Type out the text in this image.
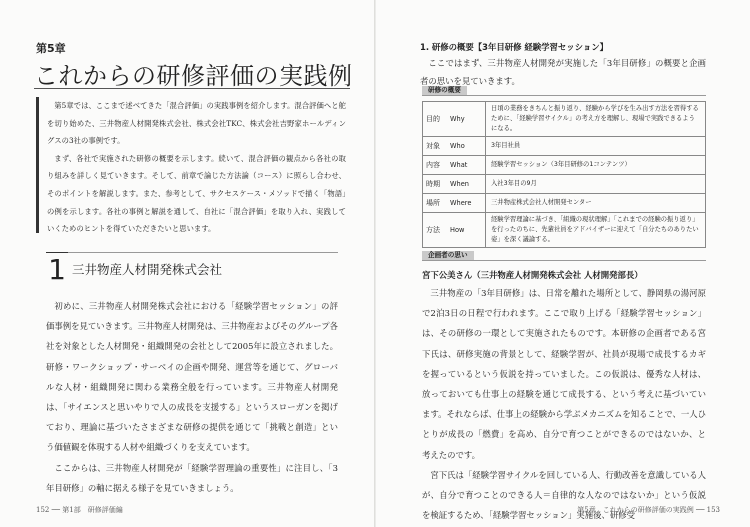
第5章
これからの研修評価の実践例

第5章では、ここまで述べてきた「混合評価」の実践事例を紹介します。混合評価へと舵を切り始めた、三井物産人材開発株式会社、株式会社TKC、株式会社吉野家ホールディングスの3社の事例です。

まず、各社で実施された研修の概要を示します。続いて、混合評価の観点から各社の取り組みを詳しく見ていきます。そして、前章で論じた方法論（コース）に照らし合わせ、そのポイントを解説します。また、参考として、サクセスケース・メソッドで描く「物語」の例を示します。各社の事例と解説を通して、自社に「混合評価」を取り入れ、実践していくためのヒントを得ていただきたいと思います。

1 三井物産人材開発株式会社

初めに、三井物産人材開発株式会社における「経験学習セッション」の評価事例を見ていきます。三井物産人材開発は、三井物産およびそのグループ各社を対象とした人材開発・組織開発の会社として2005年に設立されました。研修・ワークショップ・サーベイの企画や開発、運営等を通じて、グローバルな人材・組織開発に関わる業務全般を行っています。三井物産人材開発は、「サイエンスと思いやりで人の成長を支援する」というスローガンを掲げており、理論に基づいたさまざまな研修の提供を通じて「挑戦と創造」という価値観を体現する人材や組織づくりを支えています。

ここからは、三井物産人材開発が「経験学習理論の重要性」に注目し、「3年目研修」の軸に据える様子を見ていきましょう。

152 ── 第1部　研修評価編
1. 研修の概要【3年目研修 経験学習セッション】

ここではまず、三井物産人材開発が実施した「3年目研修」の概要と企画者の思いを見ていきます。

研修の概要
目的	Why	日頃の業務をきちんと振り返り、経験から学びを生み出す方法を習得するために、「経験学習サイクル」の考え方を理解し、現場で実践できるようになる。
対象	Who	3年目社員
内容	What	経験学習セッション（3年目研修の1コンテンツ）
時期	When	入社3年目の9月
場所	Where	三井物産株式会社人材開発センター
方法	How	経験学習理論に基づき、「組織の現状理解」「これまでの経験の振り返り」を行ったのちに、先輩社員をアドバイザーに迎えて「自分たちのありたい姿」を深く議論する。
企画者の思い
宮下公美さん（三井物産人材開発株式会社 人材開発部長）

三井物産の「3年目研修」は、日常を離れた場所として、静岡県の湯河原で2泊3日の日程で行われます。ここで取り上げる「経験学習セッション」は、その研修の一環として実施されたものです。本研修の企画者である宮下氏は、研修実施の背景として、経験学習が、社員が現場で成長するカギを握っているという仮説を持っていました。この仮説は、優秀な人材は、放っておいても仕事上の経験を通じて成長する、という考えに基づいています。それならば、仕事上の経験から学ぶメカニズムを知ることで、一人ひとりが成長の「燃費」を高め、自分で育つことができるのではないか、と考えたのです。

宮下氏は「経験学習サイクルを回している人、行動改善を意識している人が、自分で育つことのできる人＝自律的な人なのではないか」という仮説を検証するため、「経験学習セッション」実施後、研修受

第5章　これからの研修評価の実践例 ── 153
